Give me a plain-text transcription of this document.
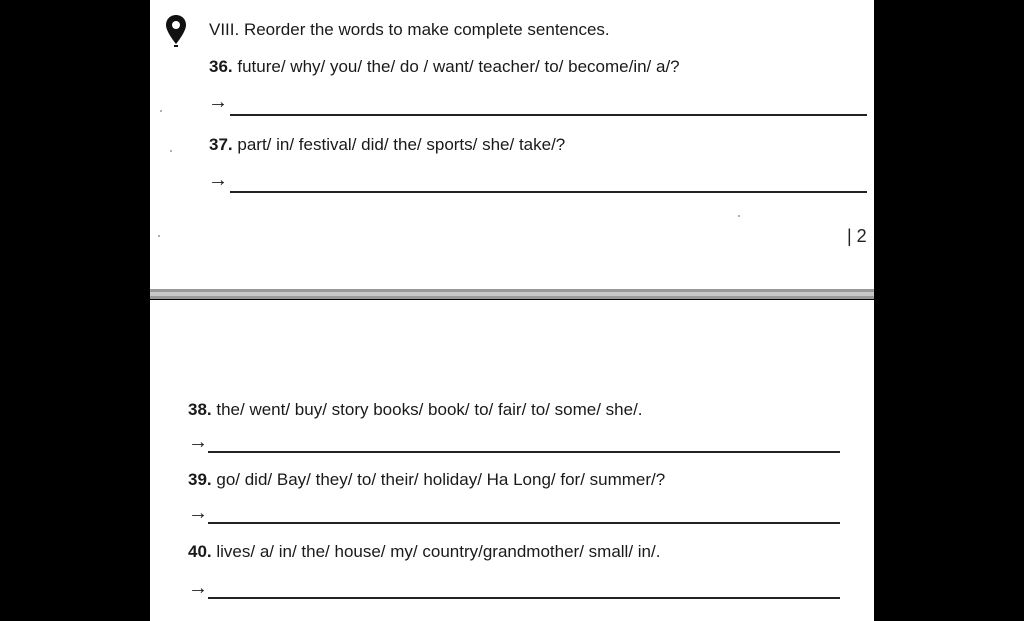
VIII. Reorder the words to make complete sentences.
36. future/ why/ you/ the/ do / want/ teacher/ to/ become/in/ a/?
→
37. part/ in/ festival/ did/ the/ sports/ she/ take/?
→
| 2
38. the/ went/ buy/ story books/ book/ to/ fair/ to/ some/ she/.
→
39. go/ did/ Bay/ they/ to/ their/ holiday/ Ha Long/ for/ summer/?
→
40. lives/ a/ in/ the/ house/ my/ country/grandmother/ small/ in/.
→
